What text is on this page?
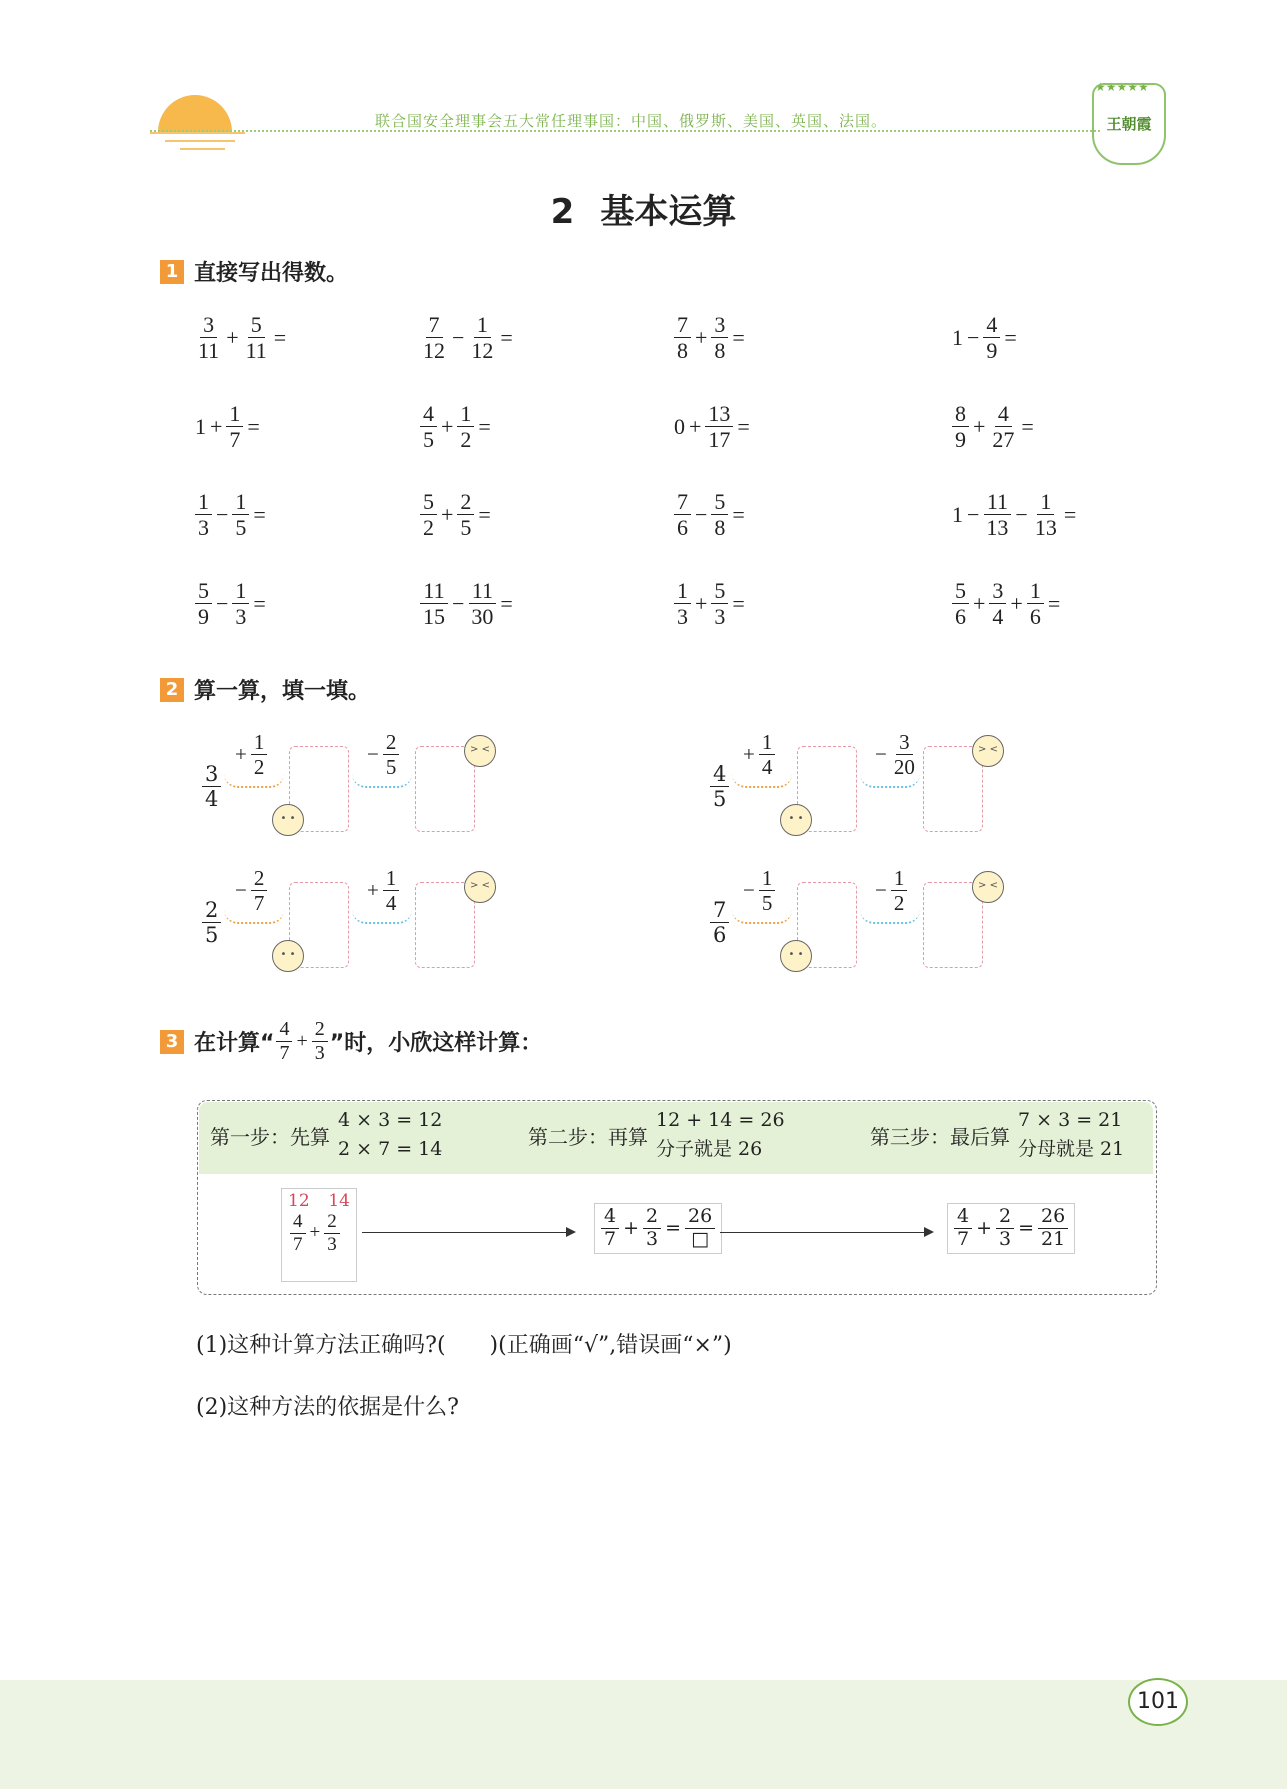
联合国安全理事会五大常任理事国：中国、俄罗斯、美国、英国、法国。
★★★★★
王朝霞
2 基本运算
1 直接写出得数。
$\frac{3}{11} + \frac{5}{11}$ =	$\frac{7}{12} - \frac{1}{12}$ =	$\frac{7}{8} + \frac{3}{8}$ =	$1 - \frac{4}{9}$ =
$1 + \frac{1}{7}$ =	$\frac{4}{5} + \frac{1}{2}$ =	$0 + \frac{13}{17}$ =	$\frac{8}{9} + \frac{4}{27}$ =
$\frac{1}{3} - \frac{1}{5}$ =	$\frac{5}{2} + \frac{2}{5}$ =	$\frac{7}{6} - \frac{5}{8}$ =	$1 - \frac{11}{13} - \frac{1}{13}$ =
$\frac{5}{9} - \frac{1}{3}$ =	$\frac{11}{15} - \frac{11}{30}$ =	$\frac{1}{3} + \frac{5}{3}$ =	$\frac{5}{6} + \frac{3}{4} + \frac{1}{6}$ =
2 算一算，填一填。
$\frac{3}{4}$
+ $\frac{1}{2}$
• •
− $\frac{2}{5}$	> <
$\frac{4}{5}$
+ $\frac{1}{4}$
• •
− $\frac{3}{20}$	> <
$\frac{2}{5}$
− $\frac{2}{7}$
• •
+ $\frac{1}{4}$	> <
$\frac{7}{6}$
− $\frac{1}{5}$
• •
− $\frac{1}{2}$	> <
3 在计算“ $\frac{4}{7} + \frac{2}{3}$ ”时，小欣这样计算：
第一步：先算
4 × 3 = 12
2 × 7 = 14
第二步：再算
12 + 14 = 26
分子就是 26
第三步：最后算
7 × 3 = 21
分母就是 21
12 14
$\frac{4}{7} + \frac{2}{3}$	$\frac{4}{7} + \frac{2}{3} = \frac{26}{□}$	$\frac{4}{7} + \frac{2}{3} = \frac{26}{21}$
(1)这种计算方法正确吗?(　　)(正确画“√”,错误画“×”)
(2)这种方法的依据是什么?
101
